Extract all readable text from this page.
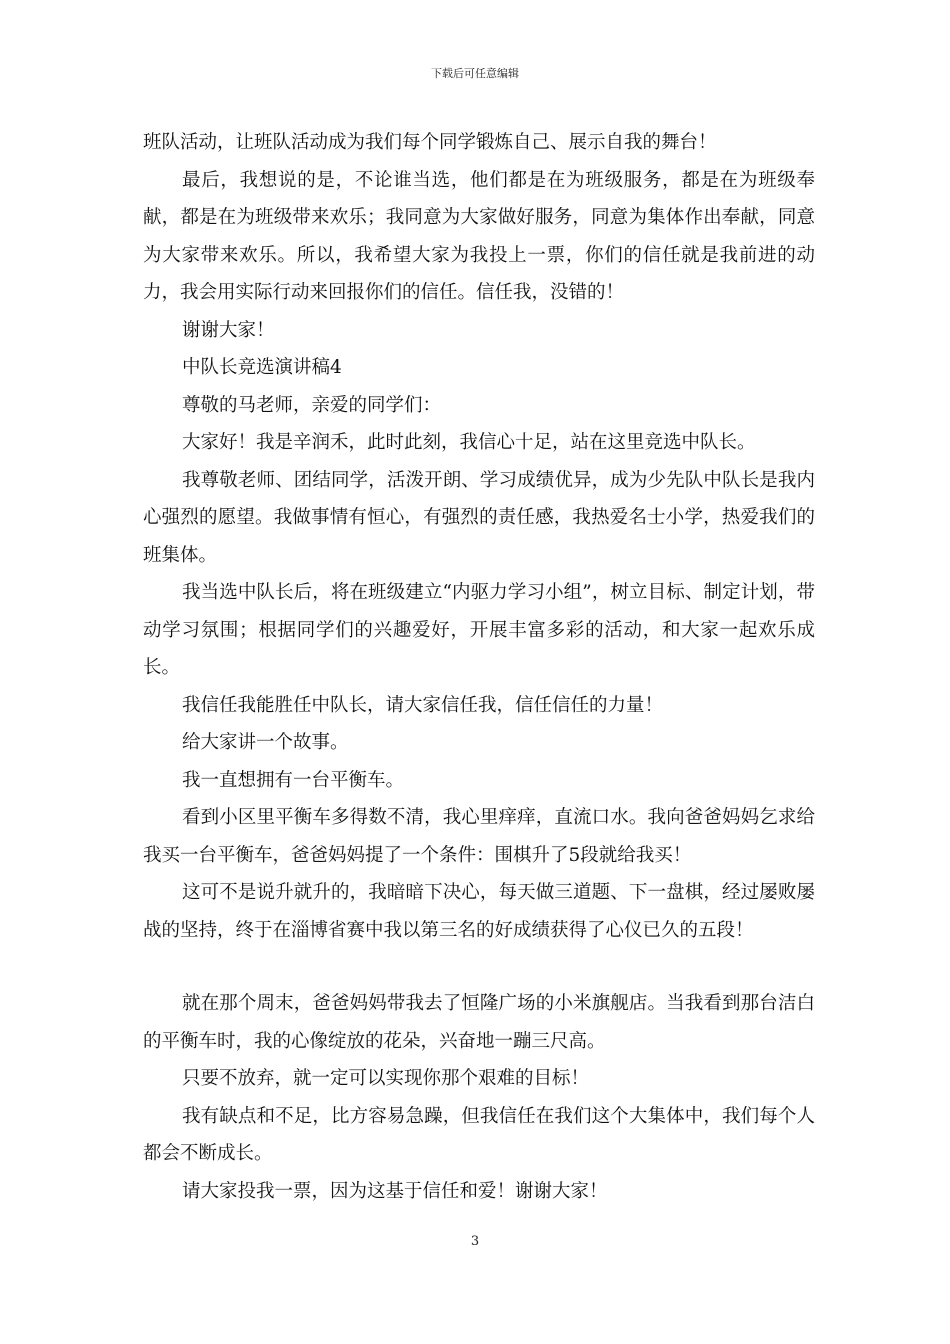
下载后可任意编辑

班队活动，让班队活动成为我们每个同学锻炼自己、展示自我的舞台！

最后，我想说的是，不论谁当选，他们都是在为班级服务，都是在为班级奉献，都是在为班级带来欢乐；我同意为大家做好服务，同意为集体作出奉献，同意为大家带来欢乐。所以，我希望大家为我投上一票，你们的信任就是我前进的动力，我会用实际行动来回报你们的信任。信任我，没错的！

谢谢大家！

中队长竞选演讲稿4

尊敬的马老师，亲爱的同学们：

大家好！我是辛润禾，此时此刻，我信心十足，站在这里竞选中队长。

我尊敬老师、团结同学，活泼开朗、学习成绩优异，成为少先队中队长是我内心强烈的愿望。我做事情有恒心，有强烈的责任感，我热爱名士小学，热爱我们的班集体。

我当选中队长后，将在班级建立“内驱力学习小组”，树立目标、制定计划，带动学习氛围；根据同学们的兴趣爱好，开展丰富多彩的活动，和大家一起欢乐成长。

我信任我能胜任中队长，请大家信任我，信任信任的力量！

给大家讲一个故事。

我一直想拥有一台平衡车。

看到小区里平衡车多得数不清，我心里痒痒，直流口水。我向爸爸妈妈乞求给我买一台平衡车，爸爸妈妈提了一个条件：围棋升了5段就给我买！

这可不是说升就升的，我暗暗下决心，每天做三道题、下一盘棋，经过屡败屡战的坚持，终于在淄博省赛中我以第三名的好成绩获得了心仪已久的五段！

就在那个周末，爸爸妈妈带我去了恒隆广场的小米旗舰店。当我看到那台洁白的平衡车时，我的心像绽放的花朵，兴奋地一蹦三尺高。

只要不放弃，就一定可以实现你那个艰难的目标！

我有缺点和不足，比方容易急躁，但我信任在我们这个大集体中，我们每个人都会不断成长。

请大家投我一票，因为这基于信任和爱！谢谢大家！

3
